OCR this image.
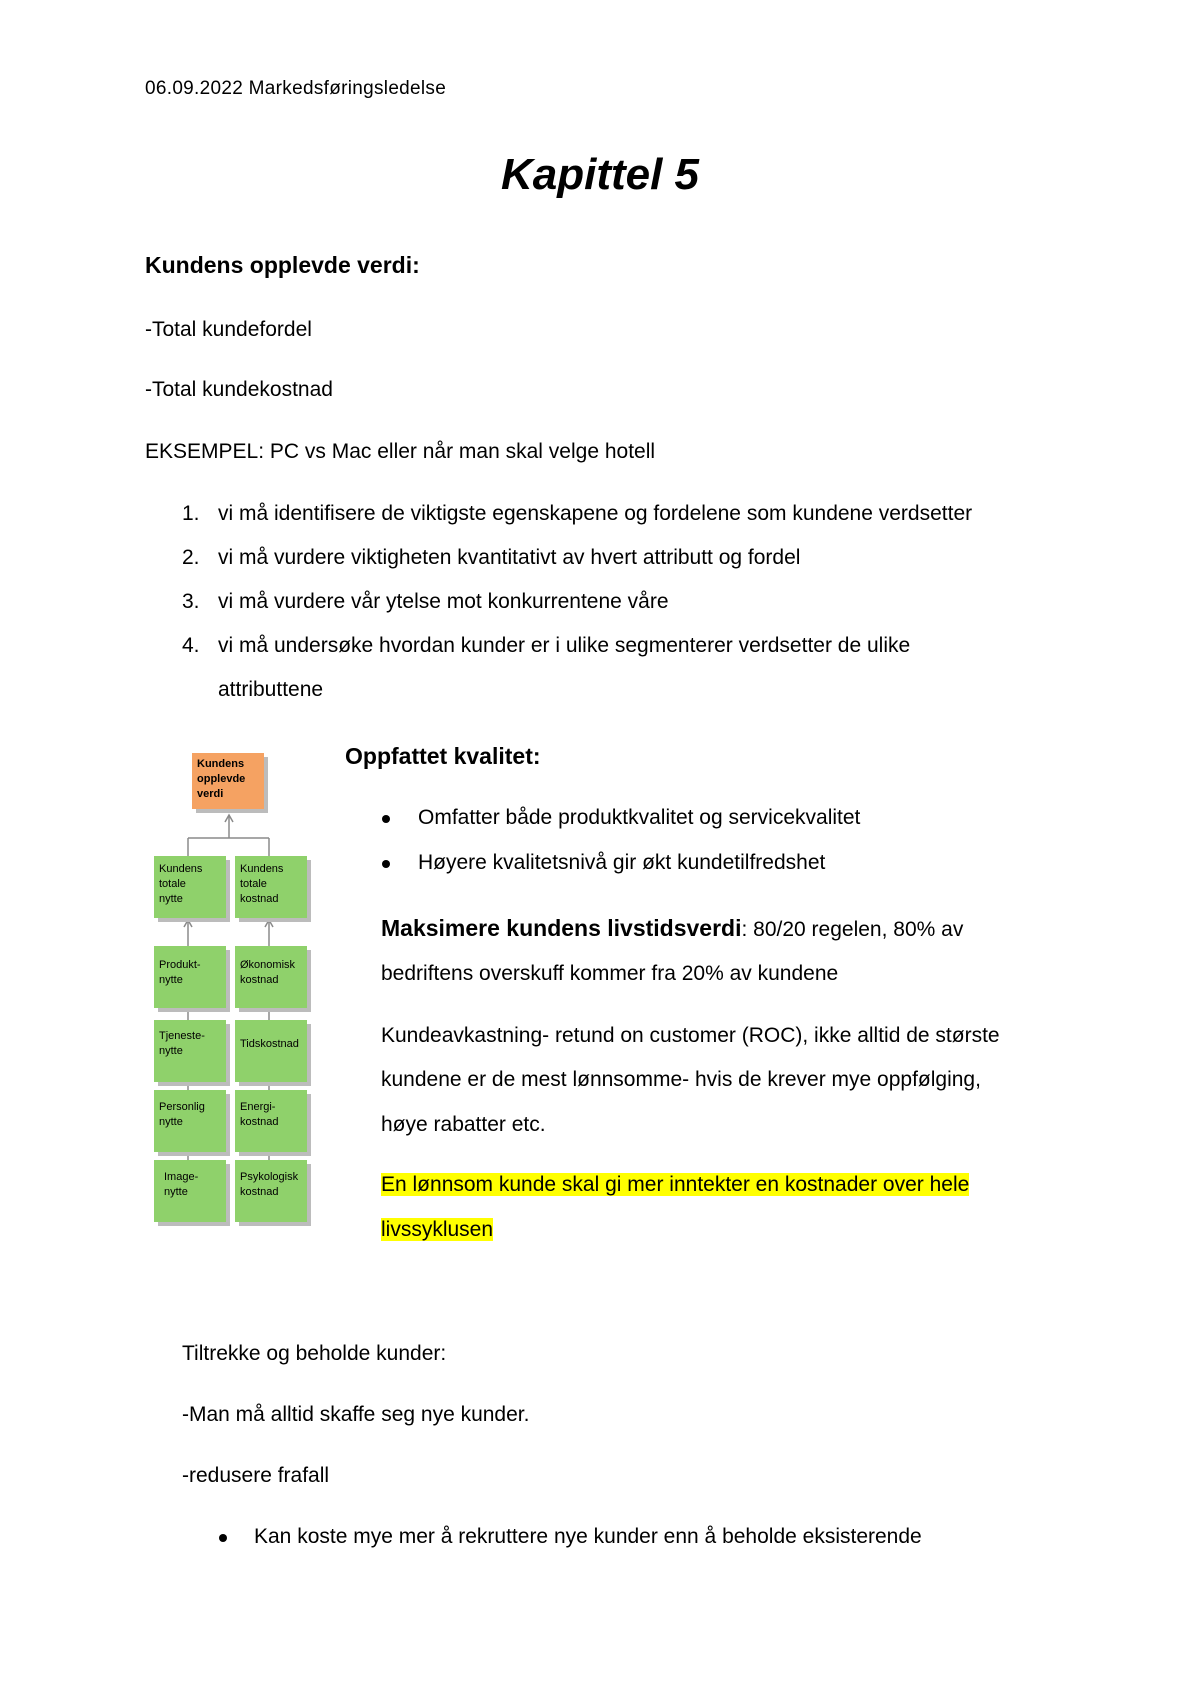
06.09.2022 Markedsføringsledelse
Kapittel 5
Kundens opplevde verdi:
-Total kundefordel
-Total kundekostnad
EKSEMPEL: PC vs Mac eller når man skal velge hotell
1. vi må identifisere de viktigste egenskapene og fordelene som kundene verdsetter
2. vi må vurdere viktigheten kvantitativt av hvert attributt og fordel
3. vi må vurdere vår ytelse mot konkurrentene våre
4. vi må undersøke hvordan kunder er i ulike segmenterer verdsetter de ulike
attributtene
Kundens
opplevde
verdi
Kundens
totale
nytte
Kundens
totale
kostnad
Produkt-
nytte
Tjeneste-
nytte
Personlig
nytte
Image-
nytte
Økonomisk
kostnad
Tidskostnad
Energi-
kostnad
Psykologisk
kostnad
Oppfattet kvalitet:
Omfatter både produktkvalitet og servicekvalitet
Høyere kvalitetsnivå gir økt kundetilfredshet
Maksimere kundens livstidsverdi: 80/20 regelen, 80% av
bedriftens overskuff kommer fra 20% av kundene
Kundeavkastning- retund on customer (ROC), ikke alltid de største
kundene er de mest lønnsomme- hvis de krever mye oppfølging,
høye rabatter etc.
En lønnsom kunde skal gi mer inntekter en kostnader over hele
livssyklusen
Tiltrekke og beholde kunder:
-Man må alltid skaffe seg nye kunder.
-redusere frafall
Kan koste mye mer å rekruttere nye kunder enn å beholde eksisterende
